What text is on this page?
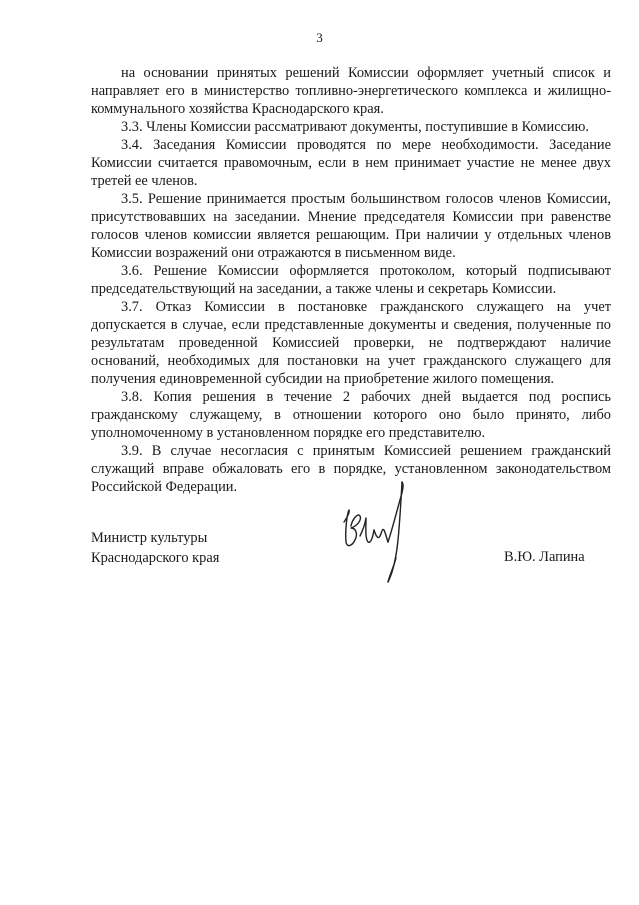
3

на основании принятых решений Комиссии оформляет учетный список и направляет его в министерство топливно-энергетического комплекса и жилищно-коммунального хозяйства Краснодарского края.

3.3. Члены Комиссии рассматривают документы, поступившие в Комиссию.

3.4. Заседания Комиссии проводятся по мере необходимости. Заседание Комиссии считается правомочным, если в нем принимает участие не менее двух третей ее членов.

3.5. Решение принимается простым большинством голосов членов Комиссии, присутствовавших на заседании. Мнение председателя Комиссии при равенстве голосов членов комиссии является решающим. При наличии у отдельных членов Комиссии возражений они отражаются в письменном виде.

3.6. Решение Комиссии оформляется протоколом, который подписывают председательствующий на заседании, а также члены и секретарь Комиссии.

3.7. Отказ Комиссии в постановке гражданского служащего на учет допускается в случае, если представленные документы и сведения, полученные по результатам проведенной Комиссией проверки, не подтверждают наличие оснований, необходимых для постановки на учет гражданского служащего для получения единовременной субсидии на приобретение жилого помещения.

3.8. Копия решения в течение 2 рабочих дней выдается под роспись гражданскому служащему, в отношении которого оно было принято, либо уполномоченному в установленном порядке его представителю.

3.9. В случае несогласия с принятым Комиссией решением гражданский служащий вправе обжаловать его в порядке, установленном законодательством Российской Федерации.

Министр культуры
Краснодарского края	В.Ю. Лапина
